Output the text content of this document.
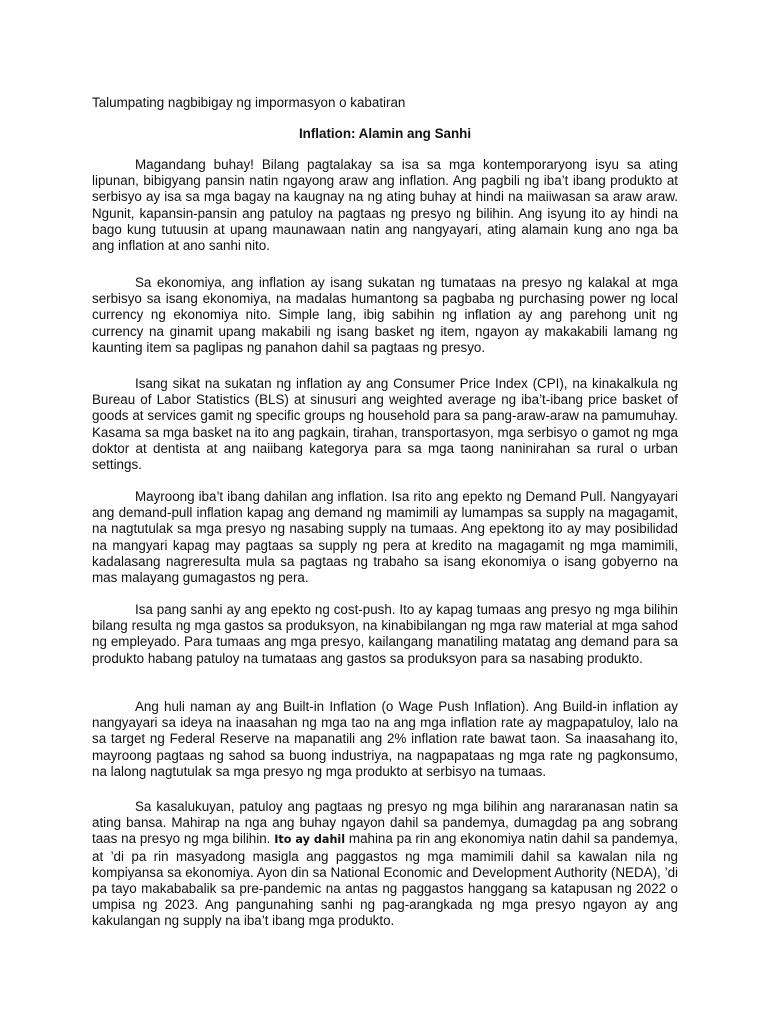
Talumpating nagbibigay ng impormasyon o kabatiran

Inflation: Alamin ang Sanhi

Magandang buhay! Bilang pagtalakay sa isa sa mga kontemporaryong isyu sa ating lipunan, bibigyang pansin natin ngayong araw ang inflation. Ang pagbili ng iba’t ibang produkto at serbisyo ay isa sa mga bagay na kaugnay na ng ating buhay at hindi na maiiwasan sa araw araw. Ngunit, kapansin-pansin ang patuloy na pagtaas ng presyo ng bilihin. Ang isyung ito ay hindi na bago kung tutuusin at upang maunawaan natin ang nangyayari, ating alamain kung ano nga ba ang inflation at ano sanhi nito.

Sa ekonomiya, ang inflation ay isang sukatan ng tumataas na presyo ng kalakal at mga serbisyo sa isang ekonomiya, na madalas humantong sa pagbaba ng purchasing power ng local currency ng ekonomiya nito. Simple lang, ibig sabihin ng inflation ay ang parehong unit ng currency na ginamit upang makabili ng isang basket ng item, ngayon ay makakabili lamang ng kaunting item sa paglipas ng panahon dahil sa pagtaas ng presyo.

Isang sikat na sukatan ng inflation ay ang Consumer Price Index (CPI), na kinakalkula ng Bureau of Labor Statistics (BLS) at sinusuri ang weighted average ng iba’t-ibang price basket of goods at services gamit ng specific groups ng household para sa pang-araw-araw na pamumuhay. Kasama sa mga basket na ito ang pagkain, tirahan, transportasyon, mga serbisyo o gamot ng mga doktor at dentista at ang naiibang kategorya para sa mga taong naninirahan sa rural o urban settings.

Mayroong iba’t ibang dahilan ang inflation. Isa rito ang epekto ng Demand Pull. Nangyayari ang demand-pull inflation kapag ang demand ng mamimili ay lumampas sa supply na magagamit, na nagtutulak sa mga presyo ng nasabing supply na tumaas. Ang epektong ito ay may posibilidad na mangyari kapag may pagtaas sa supply ng pera at kredito na magagamit ng mga mamimili, kadalasang nagreresulta mula sa pagtaas ng trabaho sa isang ekonomiya o isang gobyerno na mas malayang gumagastos ng pera.

Isa pang sanhi ay ang epekto ng cost-push. Ito ay kapag tumaas ang presyo ng mga bilihin bilang resulta ng mga gastos sa produksyon, na kinabibilangan ng mga raw material at mga sahod ng empleyado. Para tumaas ang mga presyo, kailangang manatiling matatag ang demand para sa produkto habang patuloy na tumataas ang gastos sa produksyon para sa nasabing produkto.

Ang huli naman ay ang Built-in Inflation (o Wage Push Inflation). Ang Build-in inflation ay nangyayari sa ideya na inaasahan ng mga tao na ang mga inflation rate ay magpapatuloy, lalo na sa target ng Federal Reserve na mapanatili ang 2% inflation rate bawat taon. Sa inaasahang ito, mayroong pagtaas ng sahod sa buong industriya, na nagpapataas ng mga rate ng pagkonsumo, na lalong nagtutulak sa mga presyo ng mga produkto at serbisyo na tumaas.

Sa kasalukuyan, patuloy ang pagtaas ng presyo ng mga bilihin ang nararanasan natin sa ating bansa. Mahirap na nga ang buhay ngayon dahil sa pandemya, dumagdag pa ang sobrang taas na presyo ng mga bilihin. Ito ay dahil mahina pa rin ang ekonomiya natin dahil sa pandemya, at ’di pa rin masyadong masigla ang paggastos ng mga mamimili dahil sa kawalan nila ng kompiyansa sa ekonomiya. Ayon din sa National Economic and Development Authority (NEDA), ’di pa tayo makababalik sa pre-pandemic na antas ng paggastos hanggang sa katapusan ng 2022 o umpisa ng 2023. Ang pangunahing sanhi ng pag-arangkada ng mga presyo ngayon ay ang kakulangan ng supply na iba’t ibang mga produkto.
